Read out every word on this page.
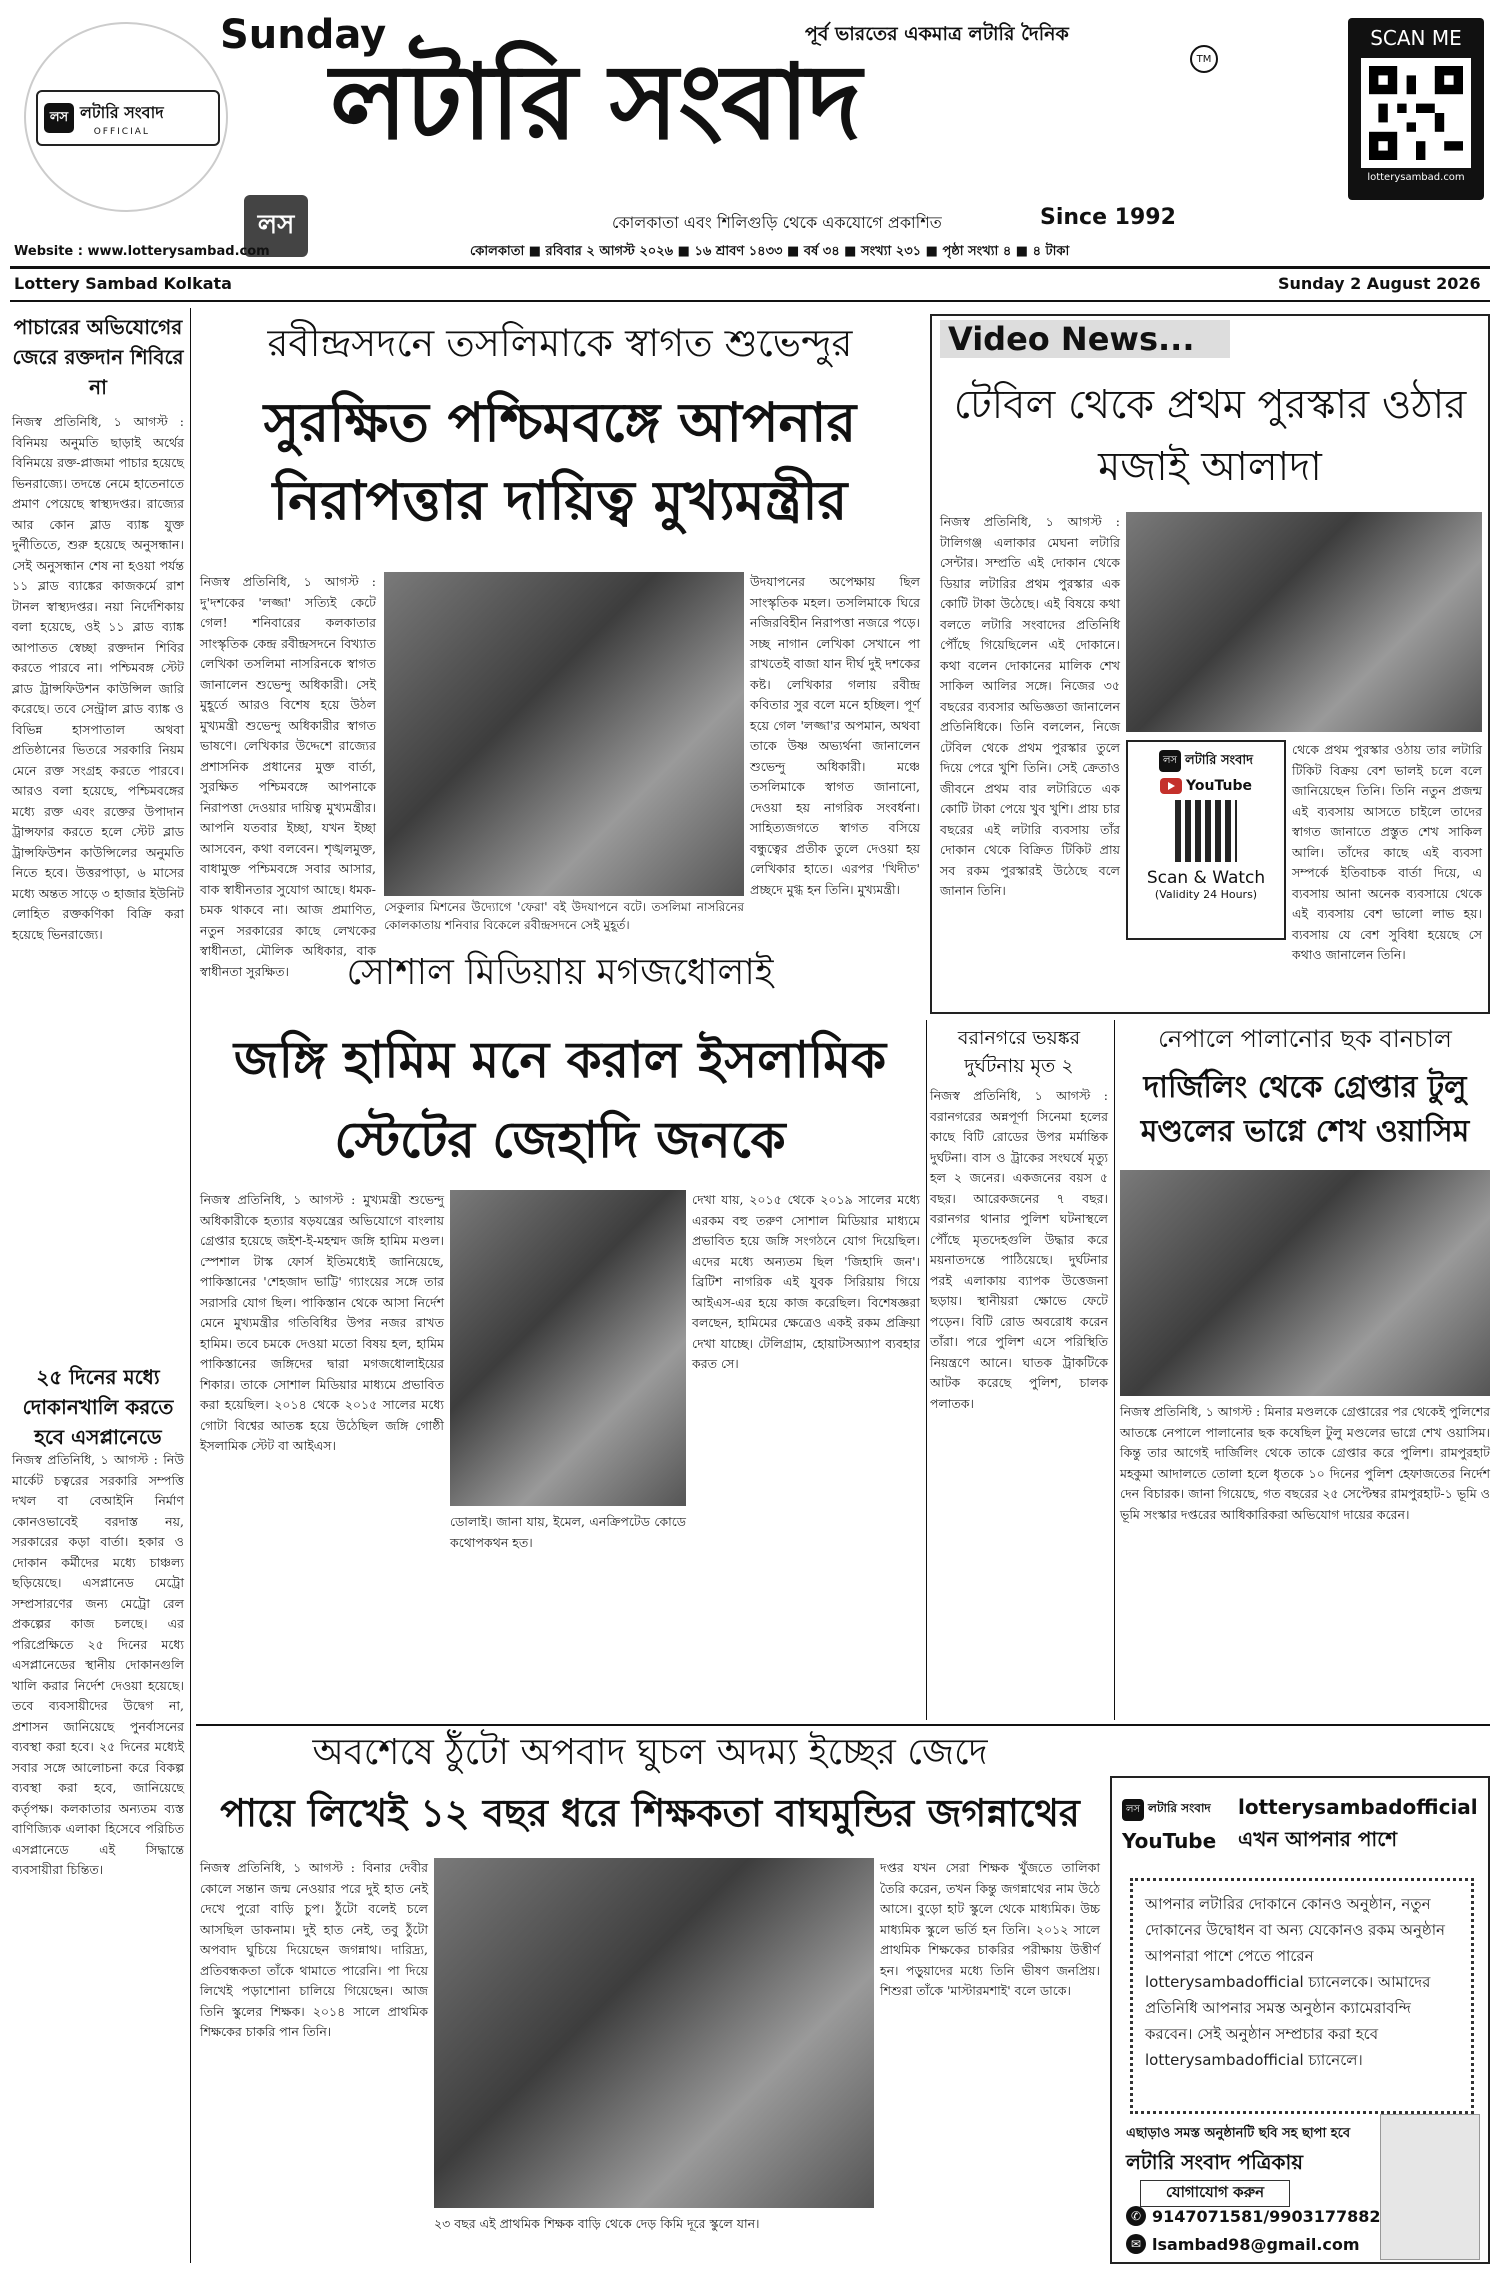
লস লটারি সংবাদ
OFFICIAL
Sunday	পূর্ব ভারতের একমাত্র লটারি দৈনিক
TM
লটারি সংবাদ
লস	কোলকাতা এবং শিলিগুড়ি থেকে একযোগে প্রকাশিত	Since 1992
Website : www.lotterysambad.com	কোলকাতা ■ রবিবার ২ আগস্ট ২০২৬ ■ ১৬ শ্রাবণ ১৪৩৩ ■ বর্ষ ৩৪ ■ সংখ্যা ২৩১ ■ পৃষ্ঠা সংখ্যা ৪ ■ ৪ টাকা
SCAN ME
lotterysambad.com
Lottery Sambad Kolkata	Sunday 2 August 2026
পাচারের অভিযোগের জেরে রক্তদান শিবিরে না
নিজস্ব প্রতিনিধি, ১ আগস্ট : বিনিময় অনুমতি ছাড়াই অর্থের বিনিময়ে রক্ত-প্লাজমা পাচার হয়েছে ভিনরাজ্যে। তদন্তে নেমে হাতেনাতে প্রমাণ পেয়েছে স্বাস্থ্যদপ্তর। রাজ্যের আর কোন ব্লাড ব্যাঙ্ক যুক্ত দুর্নীতিতে, শুরু হয়েছে অনুসন্ধান। সেই অনুসন্ধান শেষ না হওয়া পর্যন্ত ১১ ব্লাড ব্যাঙ্কের কাজকর্মে রাশ টানল স্বাস্থ্যদপ্তর। নয়া নির্দেশিকায় বলা হয়েছে, ওই ১১ ব্লাড ব্যাঙ্ক আপাতত স্বেচ্ছা রক্তদান শিবির করতে পারবে না। পশ্চিমবঙ্গ স্টেট ব্লাড ট্রান্সফিউশন কাউন্সিল জারি করেছে। তবে সেন্ট্রাল ব্লাড ব্যাঙ্ক ও বিভিন্ন হাসপাতাল অথবা প্রতিষ্ঠানের ভিতরে সরকারি নিয়ম মেনে রক্ত সংগ্রহ করতে পারবে। আরও বলা হয়েছে, পশ্চিমবঙ্গের মধ্যে রক্ত এবং রক্তের উপাদান ট্রান্সফার করতে হলে স্টেট ব্লাড ট্রান্সফিউশন কাউন্সিলের অনুমতি নিতে হবে। উত্তরপাড়া, ৬ মাসের মধ্যে অন্তত সাড়ে ৩ হাজার ইউনিট লোহিত রক্তকণিকা বিক্রি করা হয়েছে ভিনরাজ্যে।
২৫ দিনের মধ্যে দোকানখালি করতে হবে এসপ্লানেডে
নিজস্ব প্রতিনিধি, ১ আগস্ট : নিউ মার্কেট চত্বরের সরকারি সম্পত্তি দখল বা বেআইনি নির্মাণ কোনওভাবেই বরদাস্ত নয়, সরকারের কড়া বার্তা। হকার ও দোকান কর্মীদের মধ্যে চাঞ্চল্য ছড়িয়েছে। এসপ্লানেড মেট্রো সম্প্রসারণের জন্য মেট্রো রেল প্রকল্পের কাজ চলছে। এর পরিপ্রেক্ষিতে ২৫ দিনের মধ্যে এসপ্লানেডের স্থানীয় দোকানগুলি খালি করার নির্দেশ দেওয়া হয়েছে। তবে ব্যবসায়ীদের উদ্বেগ না, প্রশাসন জানিয়েছে পুনর্বাসনের ব্যবস্থা করা হবে। ২৫ দিনের মধ্যেই সবার সঙ্গে আলোচনা করে বিকল্প ব্যবস্থা করা হবে, জানিয়েছে কর্তৃপক্ষ। কলকাতার অন্যতম ব্যস্ত বাণিজ্যিক এলাকা হিসেবে পরিচিত এসপ্লানেডে এই সিদ্ধান্তে ব্যবসায়ীরা চিন্তিত।
রবীন্দ্রসদনে তসলিমাকে স্বাগত শুভেন্দুর
সুরক্ষিত পশ্চিমবঙ্গে আপনার নিরাপত্তার দায়িত্ব মুখ্যমন্ত্রীর
নিজস্ব প্রতিনিধি, ১ আগস্ট : দু'দশকের 'লজ্জা' সত্যিই কেটে গেল! শনিবারের কলকাতার সাংস্কৃতিক কেন্দ্র রবীন্দ্রসদনে বিখ্যাত লেখিকা তসলিমা নাসরিনকে স্বাগত জানালেন শুভেন্দু অধিকারী। সেই মুহূর্তে আরও বিশেষ হয়ে উঠল মুখ্যমন্ত্রী শুভেন্দু অধিকারীর স্বাগত ভাষণে। লেখিকার উদ্দেশে রাজ্যের প্রশাসনিক প্রধানের মুক্ত বার্তা, সুরক্ষিত পশ্চিমবঙ্গে আপনাকে নিরাপত্তা দেওয়ার দায়িত্ব মুখ্যমন্ত্রীর। আপনি যতবার ইচ্ছা, যখন ইচ্ছা আসবেন, কথা বলবেন। শৃঙ্খলমুক্ত, বাধামুক্ত পশ্চিমবঙ্গে সবার আসার, বাক স্বাধীনতার সুযোগ আছে। ধমক-চমক থাকবে না। আজ প্রমাণিত, নতুন সরকারের কাছে লেখকের স্বাধীনতা, মৌলিক অধিকার, বাক স্বাধীনতা সুরক্ষিত।
সেকুলার মিশনের উদ্যোগে 'ফেরা' বই উদযাপনে বটে। তসলিমা নাসরিনের কোলকাতায় শনিবার বিকেলে রবীন্দ্রসদনে সেই মুহূর্ত।
উদযাপনের অপেক্ষায় ছিল সাংস্কৃতিক মহল। তসলিমাকে ঘিরে নজিরবিহীন নিরাপত্তা নজরে পড়ে। সচ্ছ নাগান লেখিকা সেখানে পা রাখতেই বাজা যান দীর্ঘ দুই দশকের কষ্ট। লেখিকার গলায় রবীন্দ্র কবিতার সুর বলে মনে হচ্ছিল। পূর্ণ হয়ে গেল 'লজ্জা'র অপমান, অথবা তাকে উষ্ণ অভ্যর্থনা জানালেন শুভেন্দু অধিকারী। মঞ্চে তসলিমাকে স্বাগত জানানো, দেওয়া হয় নাগরিক সংবর্ধনা। সাহিত্যজগতে স্বাগত বসিয়ে বন্ধুত্বের প্রতীক তুলে দেওয়া হয় লেখিকার হাতে। এরপর 'খিদীত' প্রচ্ছদে মুগ্ধ হন তিনি। মুখ্যমন্ত্রী।
Video News...
টেবিল থেকে প্রথম পুরস্কার ওঠার মজাই আলাদা
নিজস্ব প্রতিনিধি, ১ আগস্ট : টালিগঞ্জ এলাকার মেঘনা লটারি সেন্টার। সম্প্রতি এই দোকান থেকে ডিয়ার লটারির প্রথম পুরস্কার এক কোটি টাকা উঠেছে। এই বিষয়ে কথা বলতে লটারি সংবাদের প্রতিনিধি পৌঁছে গিয়েছিলেন এই দোকানে। কথা বলেন দোকানের মালিক শেখ সাকিল আলির সঙ্গে। নিজের ৩৫ বছরের ব্যবসার অভিজ্ঞতা জানালেন প্রতিনিধিকে। তিনি বললেন, নিজে টেবিল থেকে প্রথম পুরস্কার তুলে দিয়ে পেরে খুশি তিনি। সেই ক্রেতাও জীবনে প্রথম বার লটারিতে এক কোটি টাকা পেয়ে খুব খুশি। প্রায় চার বছরের এই লটারি ব্যবসায় তাঁর দোকান থেকে বিক্রিত টিকিট প্রায় সব রকম পুরস্কারই উঠেছে বলে জানান তিনি।
লস লটারি সংবাদ
YouTube
Scan & Watch
(Validity 24 Hours)
থেকে প্রথম পুরস্কার ওঠায় তার লটারি টিকিট বিক্রয় বেশ ভালই চলে বলে জানিয়েছেন তিনি। তিনি নতুন প্রজন্ম এই ব্যবসায় আসতে চাইলে তাদের স্বাগত জানাতে প্রস্তুত শেখ সাকিল আলি। তাঁদের কাছে এই ব্যবসা সম্পর্কে ইতিবাচক বার্তা দিয়ে, এ ব্যবসায় আনা অনেক ব্যবসায়ে থেকে এই ব্যবসায় বেশ ভালো লাভ হয়। ব্যবসায় যে বেশ সুবিধা হয়েছে সে কথাও জানালেন তিনি।
সোশাল মিডিয়ায় মগজধোলাই
জঙ্গি হামিম মনে করাল ইসলামিক স্টেটের জেহাদি জনকে
নিজস্ব প্রতিনিধি, ১ আগস্ট : মুখ্যমন্ত্রী শুভেন্দু অধিকারীকে হত্যার ষড়যন্ত্রের অভিযোগে বাংলায় গ্রেপ্তার হয়েছে জইশ-ই-মহম্মদ জঙ্গি হামিম মণ্ডল। স্পেশাল টাস্ক ফোর্স ইতিমধ্যেই জানিয়েছে, পাকিস্তানের 'শেহজাদ ভাট্টি' গ্যাংয়ের সঙ্গে তার সরাসরি যোগ ছিল। পাকিস্তান থেকে আসা নির্দেশ মেনে মুখ্যমন্ত্রীর গতিবিধির উপর নজর রাখত হামিম। তবে চমকে দেওয়া মতো বিষয় হল, হামিম পাকিস্তানের জঙ্গিদের দ্বারা মগজধোলাইয়ের শিকার। তাকে সোশাল মিডিয়ার মাধ্যমে প্রভাবিত করা হয়েছিল। ২০১৪ থেকে ২০১৫ সালের মধ্যে গোটা বিশ্বের আতঙ্ক হয়ে উঠেছিল জঙ্গি গোষ্ঠী ইসলামিক স্টেট বা আইএস।
ডোলাই। জানা যায়, ইমেল, এনক্রিপটেড কোডে কথোপকথন হত।
দেখা যায়, ২০১৫ থেকে ২০১৯ সালের মধ্যে এরকম বহু তরুণ সোশাল মিডিয়ার মাধ্যমে প্রভাবিত হয়ে জঙ্গি সংগঠনে যোগ দিয়েছিল। এদের মধ্যে অন্যতম ছিল 'জিহাদি জন'। ব্রিটিশ নাগরিক এই যুবক সিরিয়ায় গিয়ে আইএস-এর হয়ে কাজ করেছিল। বিশেষজ্ঞরা বলছেন, হামিমের ক্ষেত্রেও একই রকম প্রক্রিয়া দেখা যাচ্ছে। টেলিগ্রাম, হোয়াটসঅ্যাপ ব্যবহার করত সে।
বরানগরে ভয়ঙ্কর দুর্ঘটনায় মৃত ২
নিজস্ব প্রতিনিধি, ১ আগস্ট : বরানগরের অন্নপূর্ণা সিনেমা হলের কাছে বিটি রোডের উপর মর্মান্তিক দুর্ঘটনা। বাস ও ট্রাকের সংঘর্ষে মৃত্যু হল ২ জনের। একজনের বয়স ৫ বছর। আরেকজনের ৭ বছর। বরানগর থানার পুলিশ ঘটনাস্থলে পৌঁছে মৃতদেহগুলি উদ্ধার করে ময়নাতদন্তে পাঠিয়েছে। দুর্ঘটনার পরই এলাকায় ব্যাপক উত্তেজনা ছড়ায়। স্থানীয়রা ক্ষোভে ফেটে পড়েন। বিটি রোড অবরোধ করেন তাঁরা। পরে পুলিশ এসে পরিস্থিতি নিয়ন্ত্রণে আনে। ঘাতক ট্রাকটিকে আটক করেছে পুলিশ, চালক পলাতক।
নেপালে পালানোর ছক বানচাল
দার্জিলিং থেকে গ্রেপ্তার টুলু মণ্ডলের ভাগ্নে শেখ ওয়াসিম
নিজস্ব প্রতিনিধি, ১ আগস্ট : মিনার মণ্ডলকে গ্রেপ্তারের পর থেকেই পুলিশের আতঙ্কে নেপালে পালানোর ছক কষেছিল টুলু মণ্ডলের ভাগ্নে শেখ ওয়াসিম। কিন্তু তার আগেই দার্জিলিং থেকে তাকে গ্রেপ্তার করে পুলিশ। রামপুরহাট মহকুমা আদালতে তোলা হলে ধৃতকে ১০ দিনের পুলিশ হেফাজতের নির্দেশ দেন বিচারক। জানা গিয়েছে, গত বছরের ২৫ সেপ্টেম্বর রামপুরহাট-১ ভূমি ও ভূমি সংস্কার দপ্তরের আধিকারিকরা অভিযোগ দায়ের করেন।
অবশেষে ঠুঁটো অপবাদ ঘুচল অদম্য ইচ্ছের জেদে
পায়ে লিখেই ১২ বছর ধরে শিক্ষকতা বাঘমুন্ডির জগন্নাথের
নিজস্ব প্রতিনিধি, ১ আগস্ট : বিনার দেবীর কোলে সন্তান জন্ম নেওয়ার পরে দুই হাত নেই দেখে পুরো বাড়ি চুপ। ঠুঁটো বলেই চলে আসছিল ডাকনাম। দুই হাত নেই, তবু ঠুঁটো অপবাদ ঘুচিয়ে দিয়েছেন জগন্নাথ। দারিদ্র্য, প্রতিবন্ধকতা তাঁকে থামাতে পারেনি। পা দিয়ে লিখেই পড়াশোনা চালিয়ে গিয়েছেন। আজ তিনি স্কুলের শিক্ষক। ২০১৪ সালে প্রাথমিক শিক্ষকের চাকরি পান তিনি।
২৩ বছর এই প্রাথমিক শিক্ষক বাড়ি থেকে দেড় কিমি দূরে স্কুলে যান।
দপ্তর যখন সেরা শিক্ষক খুঁজতে তালিকা তৈরি করেন, তখন কিন্তু জগন্নাথের নাম উঠে আসে। বুড়ো হাট স্কুলে থেকে মাধ্যমিক। উচ্চ মাধ্যমিক স্কুলে ভর্তি হন তিনি। ২০১২ সালে প্রাথমিক শিক্ষকের চাকরির পরীক্ষায় উত্তীর্ণ হন। পড়ুয়াদের মধ্যে তিনি ভীষণ জনপ্রিয়। শিশুরা তাঁকে 'মাস্টারমশাই' বলে ডাকে।
লস লটারি সংবাদ
YouTube
lotterysambadofficial
এখন আপনার পাশে
আপনার লটারির দোকানে কোনও অনুষ্ঠান, নতুন দোকানের উদ্বোধন বা অন্য যেকোনও রকম অনুষ্ঠান আপনারা পাশে পেতে পারেন lotterysambadofficial চ্যানেলকে। আমাদের প্রতিনিধি আপনার সমস্ত অনুষ্ঠান ক্যামেরাবন্দি করবেন। সেই অনুষ্ঠান সম্প্রচার করা হবে lotterysambadofficial চ্যানেলে।
এছাড়াও সমস্ত অনুষ্ঠানটি ছবি সহ ছাপা হবে
লটারি সংবাদ পত্রিকায়
যোগাযোগ করুন
✆ 9147071581/9903177882
✉ lsambad98@gmail.com
